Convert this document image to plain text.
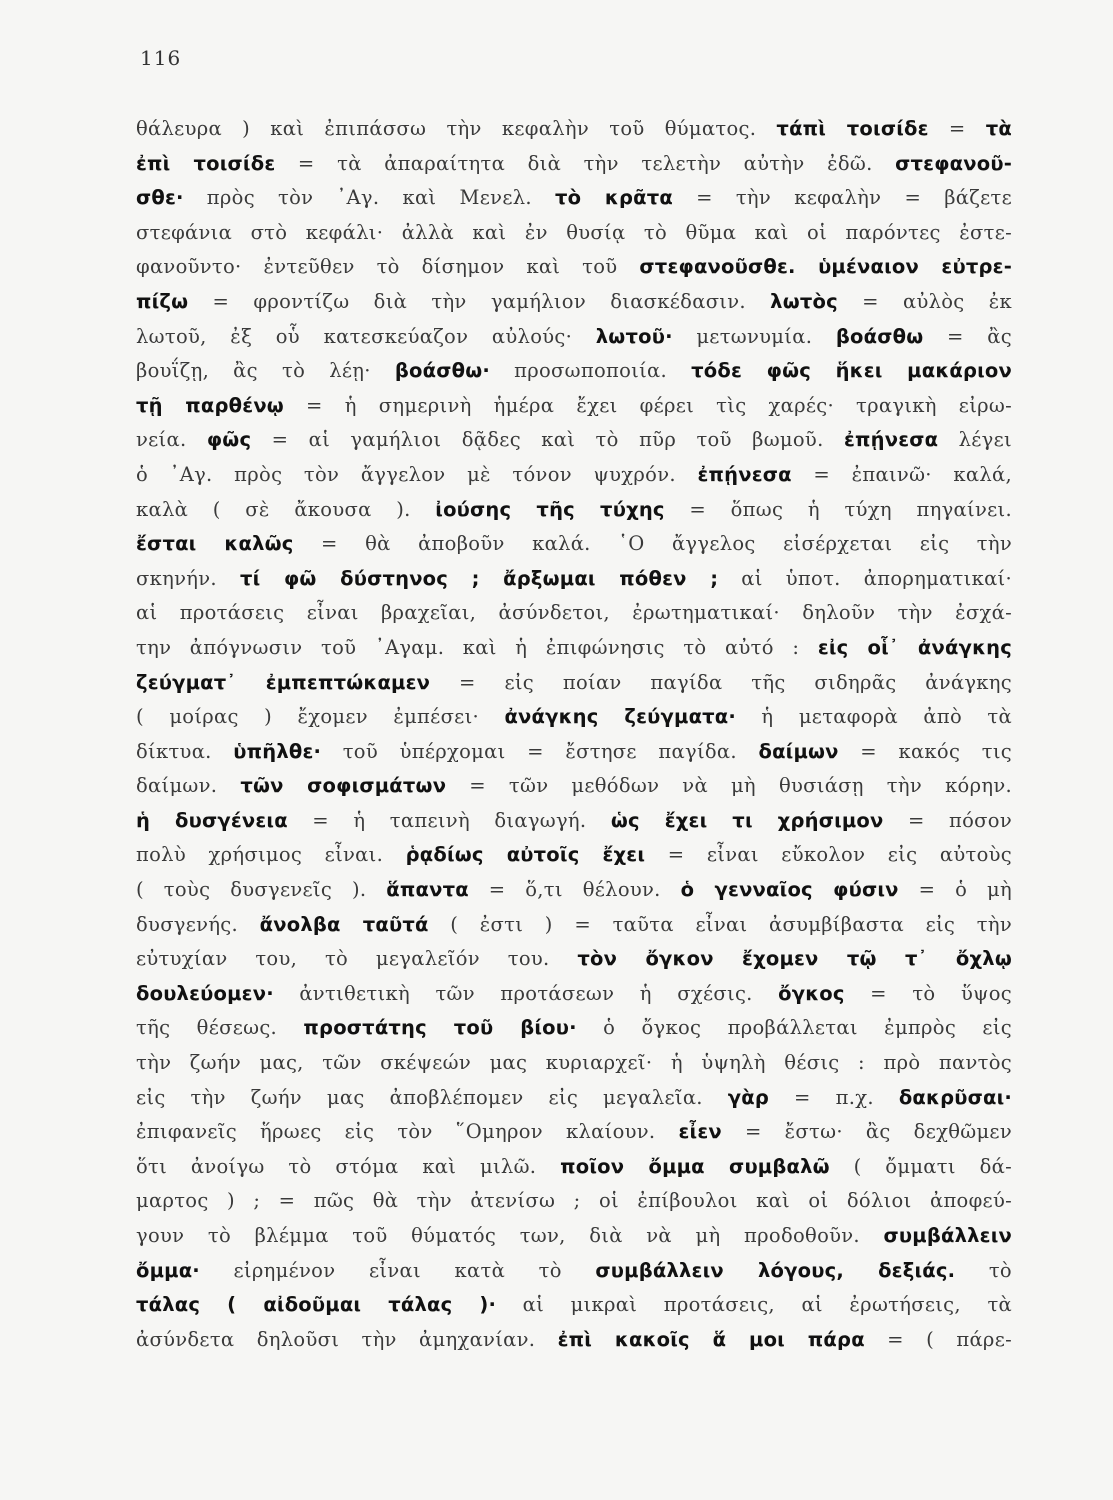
116
θάλευρα ) καὶ ἐπιπάσσω τὴν κεφαλὴν τοῦ θύματος. τάπὶ τοισίδε = τὰ
ἐπὶ τοισίδε = τὰ ἀπαραίτητα διὰ τὴν τελετὴν αὐτὴν ἐδῶ. στεφανοῦ-
σθε· πρὸς τὸν ᾿Αγ. καὶ Μενελ. τὸ κρᾶτα = τὴν κεφαλὴν = βάζετε
στεφάνια στὸ κεφάλι· ἀλλὰ καὶ ἐν θυσίᾳ τὸ θῦμα καὶ οἱ παρόντες ἐστε-
φανοῦντο· ἐντεῦθεν τὸ δίσημον καὶ τοῦ στεφανοῦσθε. ὑμέναιον εὐτρε-
πίζω = φροντίζω διὰ τὴν γαμήλιον διασκέδασιν. λωτὸς = αὐλὸς ἐκ
λωτοῦ, ἐξ οὗ κατεσκεύαζον αὐλούς· λωτοῦ· μετωνυμία. βοάσθω = ἂς
βουΐζῃ, ἂς τὸ λέῃ· βοάσθω· προσωποποιία. τόδε φῶς ἥκει μακάριον
τῇ παρθένῳ = ἡ σημερινὴ ἡμέρα ἔχει φέρει τὶς χαρές· τραγικὴ εἰρω-
νεία. φῶς = αἱ γαμήλιοι δᾷδες καὶ τὸ πῦρ τοῦ βωμοῦ. ἐπῄνεσα λέγει
ὁ ᾿Αγ. πρὸς τὸν ἄγγελον μὲ τόνον ψυχρόν. ἐπῄνεσα = ἐπαινῶ· καλά,
καλὰ ( σὲ ἄκουσα ). ἰούσης τῆς τύχης = ὅπως ἡ τύχη πηγαίνει.
ἔσται καλῶς = θὰ ἀποβοῦν καλά. ῾Ο ἄγγελος εἰσέρχεται εἰς τὴν
σκηνήν. τί φῶ δύστηνος ; ἄρξωμαι πόθεν ; αἱ ὑποτ. ἀπορηματικαί·
αἱ προτάσεις εἶναι βραχεῖαι, ἀσύνδετοι, ἐρωτηματικαί· δηλοῦν τὴν ἐσχά-
την ἀπόγνωσιν τοῦ ᾿Αγαμ. καὶ ἡ ἐπιφώνησις τὸ αὐτό : εἰς οἷ᾿ ἀνάγκης
ζεύγματ᾿ ἐμπεπτώκαμεν = εἰς ποίαν παγίδα τῆς σιδηρᾶς ἀνάγκης
( μοίρας ) ἔχομεν ἐμπέσει· ἀνάγκης ζεύγματα· ἡ μεταφορὰ ἀπὸ τὰ
δίκτυα. ὑπῆλθε· τοῦ ὑπέρχομαι = ἔστησε παγίδα. δαίμων = κακός τις
δαίμων. τῶν σοφισμάτων = τῶν μεθόδων νὰ μὴ θυσιάσῃ τὴν κόρην.
ἡ δυσγένεια = ἡ ταπεινὴ διαγωγή. ὡς ἔχει τι χρήσιμον = πόσον
πολὺ χρήσιμος εἶναι. ῥᾳδίως αὐτοῖς ἔχει = εἶναι εὔκολον εἰς αὐτοὺς
( τοὺς δυσγενεῖς ). ἅπαντα = ὅ,τι θέλουν. ὁ γενναῖος φύσιν = ὁ μὴ
δυσγενής. ἄνολβα ταῦτά ( ἐστι ) = ταῦτα εἶναι ἀσυμβίβαστα εἰς τὴν
εὐτυχίαν του, τὸ μεγαλεῖόν του. τὸν ὄγκον ἔχομεν τῷ τ᾿ ὄχλῳ
δουλεύομεν· ἀντιθετικὴ τῶν προτάσεων ἡ σχέσις. ὄγκος = τὸ ὕψος
τῆς θέσεως. προστάτης τοῦ βίου· ὁ ὄγκος προβάλλεται ἐμπρὸς εἰς
τὴν ζωήν μας, τῶν σκέψεών μας κυριαρχεῖ· ἡ ὑψηλὴ θέσις : πρὸ παντὸς
εἰς τὴν ζωήν μας ἀποβλέπομεν εἰς μεγαλεῖα. γὰρ = π.χ. δακρῦσαι·
ἐπιφανεῖς ἥρωες εἰς τὸν ῞Ομηρον κλαίουν. εἶεν = ἔστω· ἂς δεχθῶμεν
ὅτι ἀνοίγω τὸ στόμα καὶ μιλῶ. ποῖον ὄμμα συμβαλῶ ( ὄμματι δά-
μαρτος ) ; = πῶς θὰ τὴν ἀτενίσω ; οἱ ἐπίβουλοι καὶ οἱ δόλιοι ἀποφεύ-
γουν τὸ βλέμμα τοῦ θύματός των, διὰ νὰ μὴ προδοθοῦν. συμβάλλειν
ὄμμα· εἰρημένον εἶναι κατὰ τὸ συμβάλλειν λόγους, δεξιάς. τὸ
τάλας ( αἰδοῦμαι τάλας )· αἱ μικραὶ προτάσεις, αἱ ἐρωτήσεις, τὰ
ἀσύνδετα δηλοῦσι τὴν ἀμηχανίαν. ἐπὶ κακοῖς ἅ μοι πάρα = ( πάρε-
